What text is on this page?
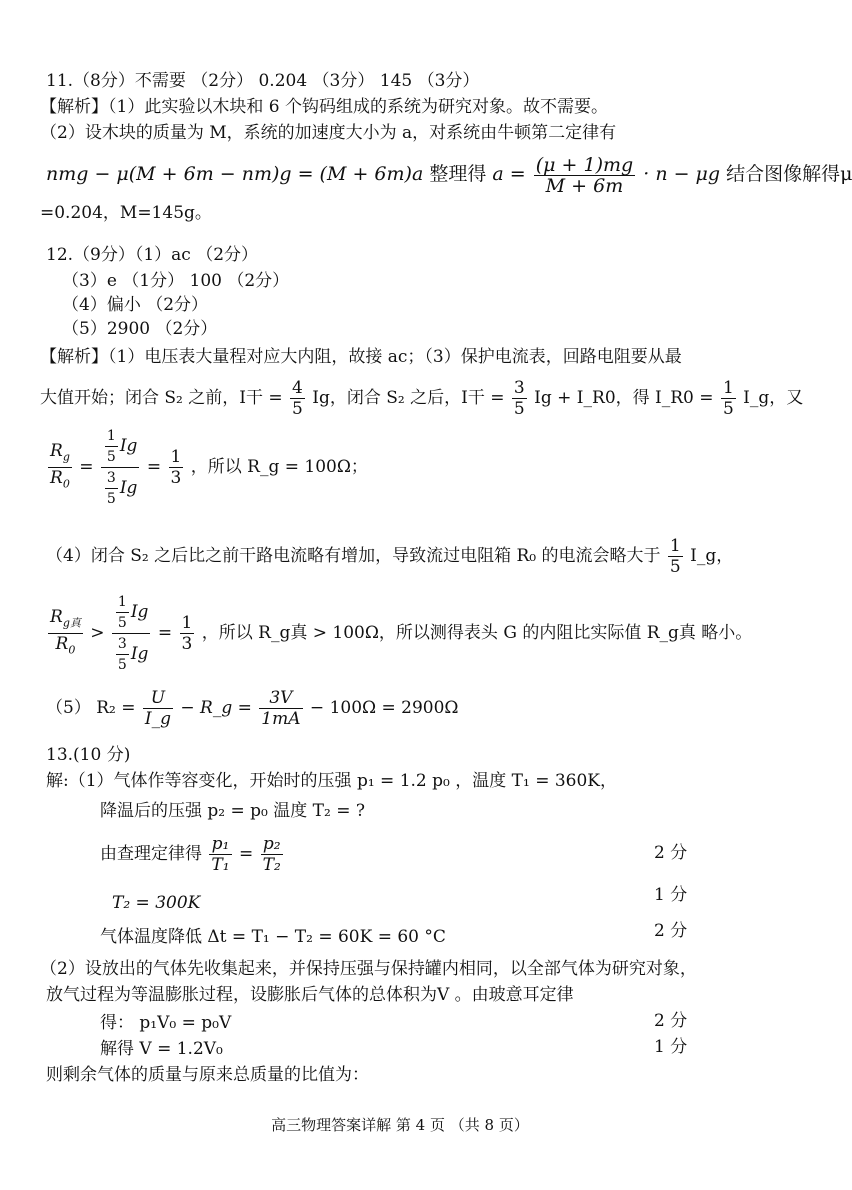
11.（8分）不需要 （2分） 0.204 （3分） 145 （3分）
【解析】（1）此实验以木块和 6 个钩码组成的系统为研究对象。故不需要。
（2）设木块的质量为 M，系统的加速度大小为 a，对系统由牛顿第二定律有
nmg − μ(M + 6m − nm)g = (M + 6m)a 整理得 $a = \frac{(\mu + 1)mg}{M + 6m} \cdot n - \mu g$ 结合图像解得μ
=0.204，M=145g。
12.（9分）（1）ac （2分）
（3）e （1分） 100 （2分）
（4）偏小 （2分）
（5）2900 （2分）
【解析】（1）电压表大量程对应大内阻，故接 ac；（3）保护电流表，回路电阻要从最
大值开始；闭合 S₂ 之前，I干 = $\frac{4}{5}$ Ig，闭合 S₂ 之后，I干 = $\frac{3}{5}$ Ig + I_R0，得 I_R0 = $\frac{1}{5}$ I_g，又
$\frac{R_g}{R_0} = \frac{\frac{1}{5} Ig}{\frac{3}{5} Ig} = \frac{1}{3}$ ，所以 R_g = 100Ω；
（4）闭合 S₂ 之后比之前干路电流略有增加，导致流过电阻箱 R₀ 的电流会略大于 $\frac{1}{5}$ I_g，
$\frac{R_{g真}}{R_0} > \frac{\frac{1}{5} Ig}{\frac{3}{5} Ig} = \frac{1}{3}$ ，所以 R_g真 > 100Ω，所以测得表头 G 的内阻比实际值 R_g真 略小。
（5） $R_2 = \frac{U}{I\_g}$ − R_g = $\frac{3V}{1mA} - 100\Omega = 2900\Omega$
13.(10 分)
解:（1）气体作等容变化，开始时的压强 p₁ = 1.2 p₀ ，温度 T₁ = 360K，
降温后的压强 p₂ = p₀ 温度 T₂ = ?
由查理定律得 $\frac{\text{p₁}}{\text{T₁}} = \frac{\text{p₂}}{\text{T₂}}$	2 分
T₂ = 300K	1 分
气体温度降低 Δt = T₁ − T₂ = 60K = 60 °C	2 分
（2）设放出的气体先收集起来，并保持压强与保持罐内相同，以全部气体为研究对象，
放气过程为等温膨胀过程，设膨胀后气体的总体积为V 。由玻意耳定律
得： p₁V₀ = p₀V	2 分
解得 V = 1.2V₀	1 分
则剩余气体的质量与原来总质量的比值为：
高三物理答案详解 第 4 页 （共 8 页）
